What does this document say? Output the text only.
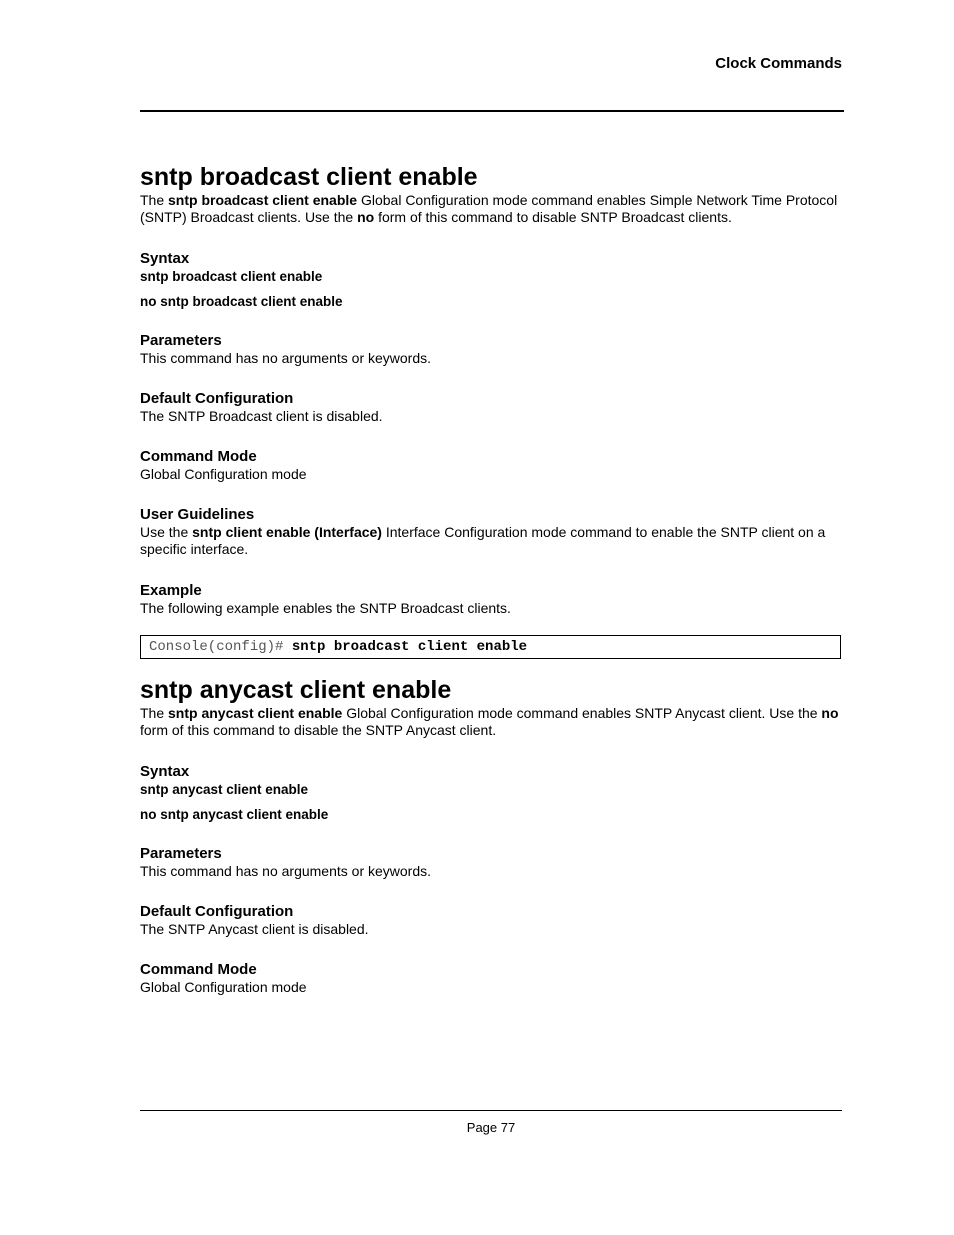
Clock Commands
sntp broadcast client enable

The sntp broadcast client enable Global Configuration mode command enables Simple Network Time Protocol (SNTP) Broadcast clients. Use the no form of this command to disable SNTP Broadcast clients.

Syntax

sntp broadcast client enable

no sntp broadcast client enable

Parameters

This command has no arguments or keywords.

Default Configuration

The SNTP Broadcast client is disabled.

Command Mode

Global Configuration mode

User Guidelines

Use the sntp client enable (Interface) Interface Configuration mode command to enable the SNTP client on a specific interface.

Example

The following example enables the SNTP Broadcast clients.

Console(config)# sntp broadcast client enable
sntp anycast client enable

The sntp anycast client enable Global Configuration mode command enables SNTP Anycast client. Use the no form of this command to disable the SNTP Anycast client.

Syntax

sntp anycast client enable

no sntp anycast client enable

Parameters

This command has no arguments or keywords.

Default Configuration

The SNTP Anycast client is disabled.

Command Mode

Global Configuration mode

Page 77
